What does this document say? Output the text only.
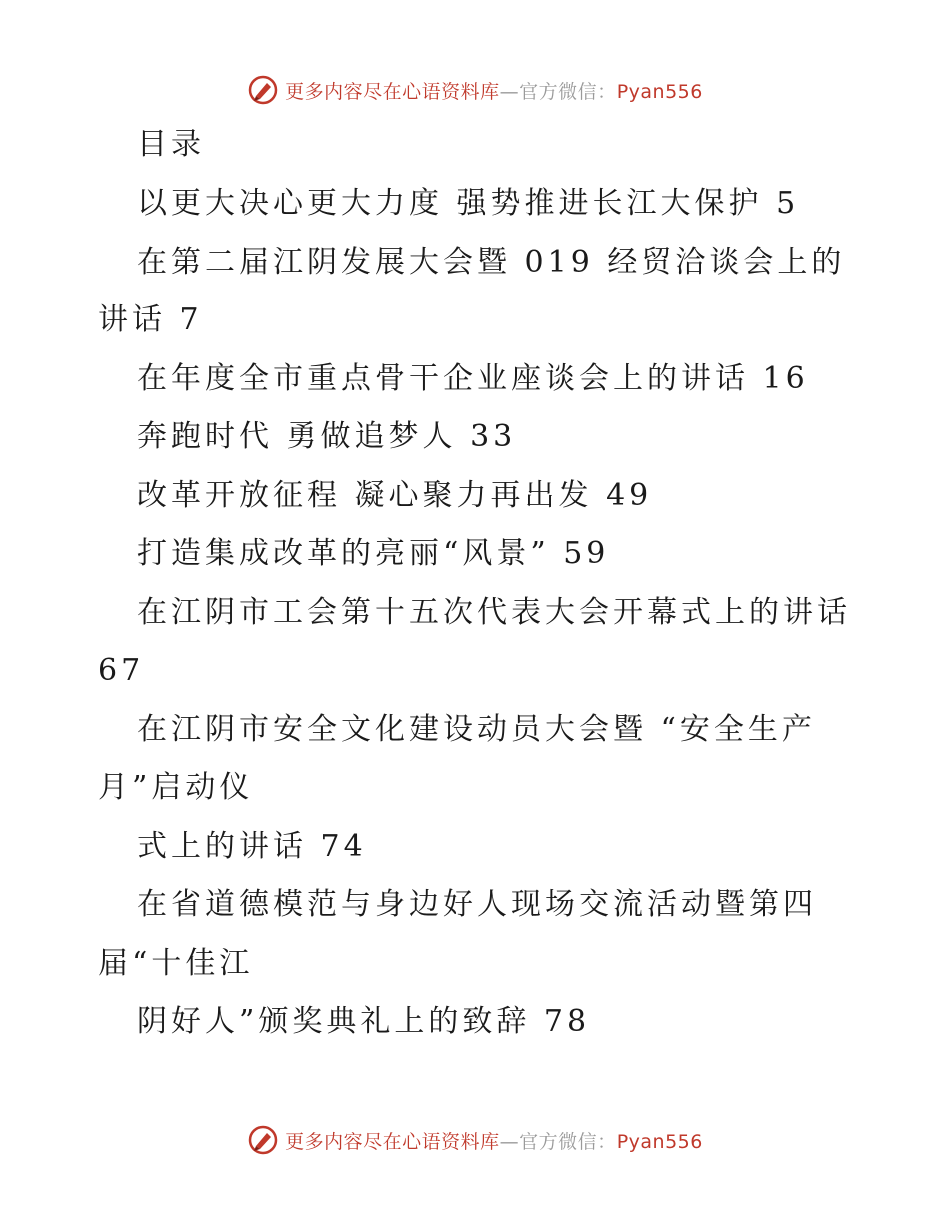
更多内容尽在心语资料库—官方微信：Pyan556
目录
以更大决心更大力度 强势推进长江大保护 5
在第二届江阴发展大会暨 019 经贸洽谈会上的
讲话 7
在年度全市重点骨干企业座谈会上的讲话 16
奔跑时代 勇做追梦人 33
改革开放征程 凝心聚力再出发 49
打造集成改革的亮丽“风景” 59
在江阴市工会第十五次代表大会开幕式上的讲话
67
在江阴市安全文化建设动员大会暨 “安全生产
月”启动仪
式上的讲话 74
在省道德模范与身边好人现场交流活动暨第四
届“十佳江
阴好人”颁奖典礼上的致辞 78
更多内容尽在心语资料库—官方微信：Pyan556
